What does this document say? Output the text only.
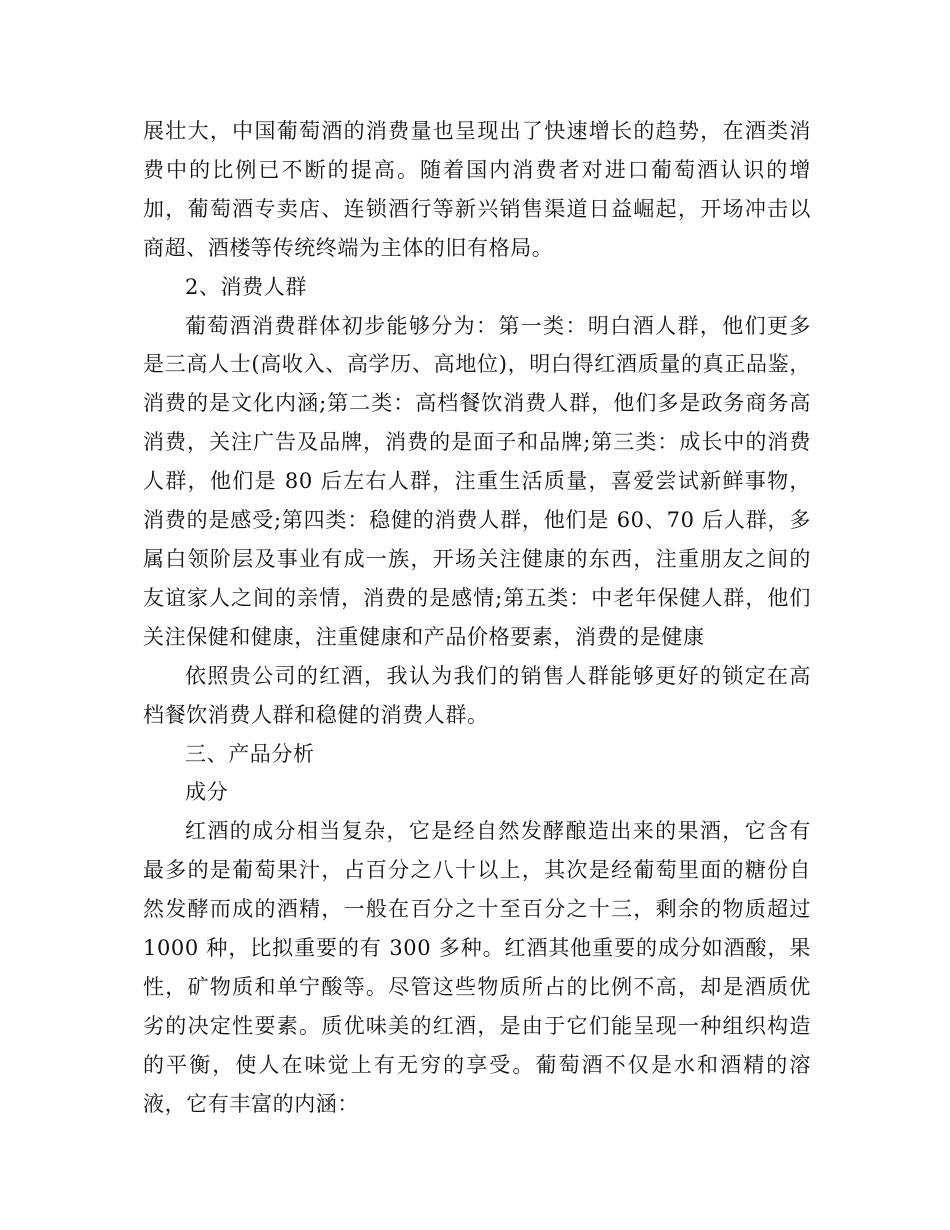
展壮大，中国葡萄酒的消费量也呈现出了快速增长的趋势，在酒类消费中的比例已不断的提高。随着国内消费者对进口葡萄酒认识的增加，葡萄酒专卖店、连锁酒行等新兴销售渠道日益崛起，开场冲击以商超、酒楼等传统终端为主体的旧有格局。

2、消费人群

葡萄酒消费群体初步能够分为：第一类：明白酒人群，他们更多是三高人士(高收入、高学历、高地位)，明白得红酒质量的真正品鉴，消费的是文化内涵;第二类：高档餐饮消费人群，他们多是政务商务高消费，关注广告及品牌，消费的是面子和品牌;第三类：成长中的消费人群，他们是 80 后左右人群，注重生活质量，喜爱尝试新鲜事物，消费的是感受;第四类：稳健的消费人群，他们是 60、70 后人群，多属白领阶层及事业有成一族，开场关注健康的东西，注重朋友之间的友谊家人之间的亲情，消费的是感情;第五类：中老年保健人群，他们关注保健和健康，注重健康和产品价格要素，消费的是健康

依照贵公司的红酒，我认为我们的销售人群能够更好的锁定在高档餐饮消费人群和稳健的消费人群。

三、产品分析

成分

红酒的成分相当复杂，它是经自然发酵酿造出来的果酒，它含有最多的是葡萄果汁，占百分之八十以上，其次是经葡萄里面的糖份自然发酵而成的酒精，一般在百分之十至百分之十三，剩余的物质超过 1000 种，比拟重要的有 300 多种。红酒其他重要的成分如酒酸，果性，矿物质和单宁酸等。尽管这些物质所占的比例不高，却是酒质优劣的决定性要素。质优味美的红酒，是由于它们能呈现一种组织构造的平衡，使人在味觉上有无穷的享受。葡萄酒不仅是水和酒精的溶液，它有丰富的内涵：
